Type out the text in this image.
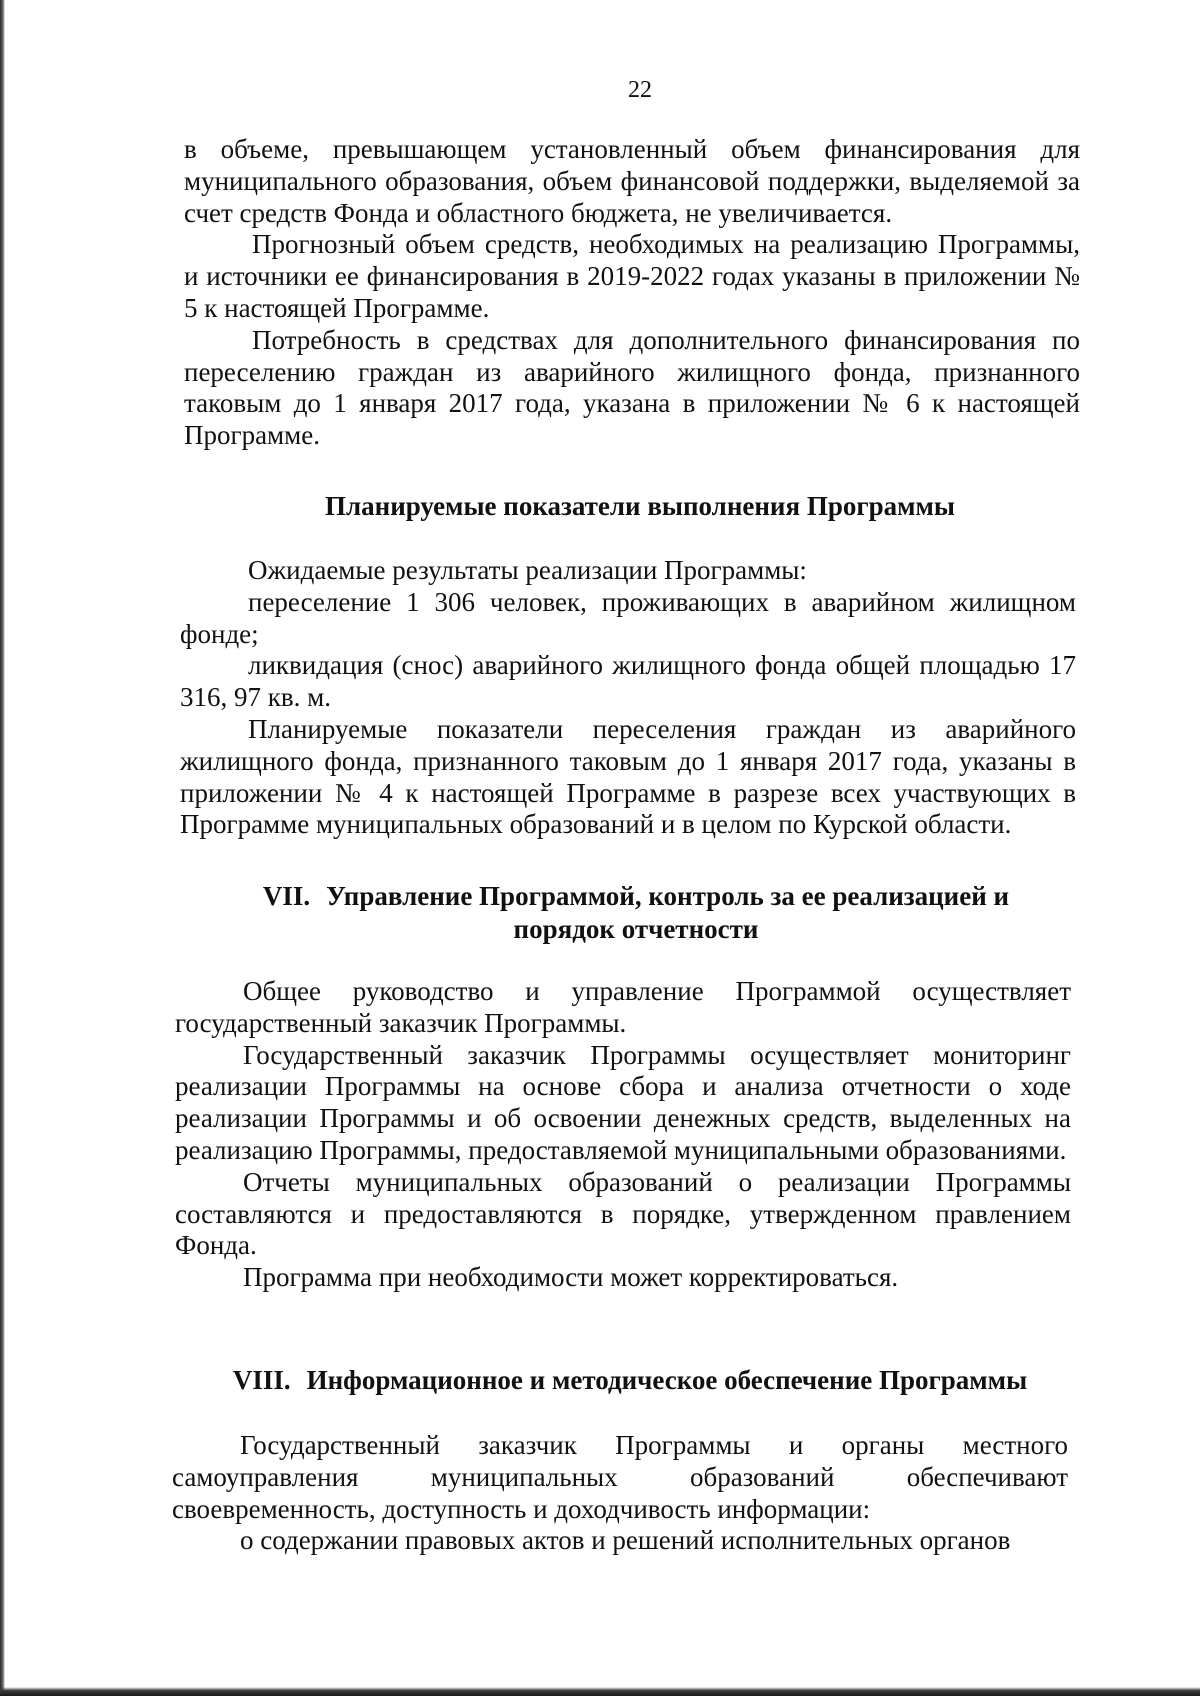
22

в объеме, превышающем установленный объем финансирования для муниципального образования, объем финансовой поддержки, выделяемой за счет средств Фонда и областного бюджета, не увеличивается.

Прогнозный объем средств, необходимых на реализацию Программы, и источники ее финансирования в 2019-2022 годах указаны в приложении № 5 к настоящей Программе.

Потребность в средствах для дополнительного финансирования по переселению граждан из аварийного жилищного фонда, признанного таковым до 1 января 2017 года, указана в приложении № 6 к настоящей Программе.

Планируемые показатели выполнения Программы

Ожидаемые результаты реализации Программы:

переселение 1 306 человек, проживающих в аварийном жилищном фонде;

ликвидация (снос) аварийного жилищного фонда общей площадью 17 316, 97 кв. м.

Планируемые показатели переселения граждан из аварийного жилищного фонда, признанного таковым до 1 января 2017 года, указаны в приложении № 4 к настоящей Программе в разрезе всех участвующих в Программе муниципальных образований и в целом по Курской области.

VII. Управление Программой, контроль за ее реализацией и
порядок отчетности

Общее руководство и управление Программой осуществляет государственный заказчик Программы.

Государственный заказчик Программы осуществляет мониторинг реализации Программы на основе сбора и анализа отчетности о ходе реализации Программы и об освоении денежных средств, выделенных на реализацию Программы, предоставляемой муниципальными образованиями.

Отчеты муниципальных образований о реализации Программы составляются и предоставляются в порядке, утвержденном правлением Фонда.

Программа при необходимости может корректироваться.

VIII. Информационное и методическое обеспечение Программы

Государственный заказчик Программы и органы местного самоуправления муниципальных образований обеспечивают своевременность, доступность и доходчивость информации:

о содержании правовых актов и решений исполнительных органов
